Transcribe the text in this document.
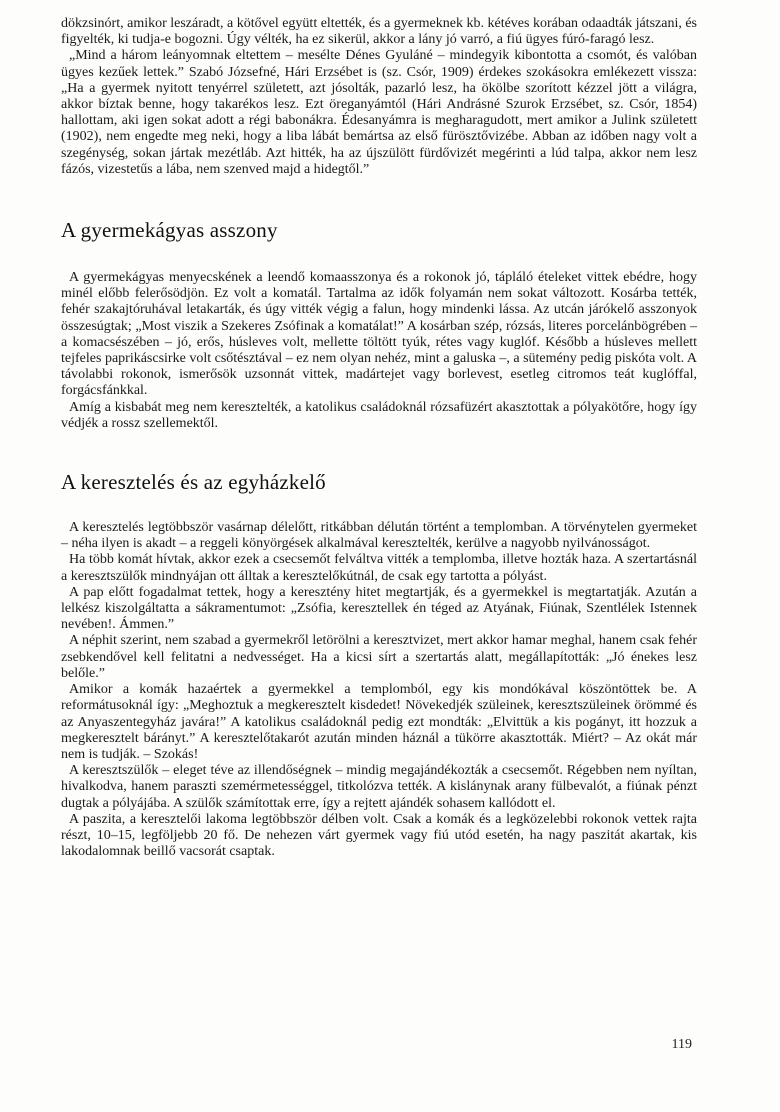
dökzsinórt, amikor leszáradt, a kötővel együtt eltették, és a gyermeknek kb. kétéves korában odaadták játszani, és figyelték, ki tudja-e bogozni. Úgy vélték, ha ez sikerül, akkor a lány jó varró, a fiú ügyes fúró-faragó lesz.

„Mind a három leányomnak eltettem – mesélte Dénes Gyuláné – mindegyik kibontotta a csomót, és valóban ügyes kezűek lettek.” Szabó Józsefné, Hári Erzsébet is (sz. Csór, 1909) érdekes szokásokra emlékezett vissza: „Ha a gyermek nyitott tenyérrel született, azt jósolták, pazarló lesz, ha ökölbe szorított kézzel jött a világra, akkor bíztak benne, hogy takarékos lesz. Ezt öreganyámtól (Hári Andrásné Szurok Erzsébet, sz. Csór, 1854) hallottam, aki igen sokat adott a régi babonákra. Édesanyámra is megharagudott, mert amikor a Julink született (1902), nem engedte meg neki, hogy a liba lábát bemártsa az első fürösztővizébe. Abban az időben nagy volt a szegénység, sokan jártak mezétláb. Azt hitték, ha az újszülött fürdővizét megérinti a lúd talpa, akkor nem lesz fázós, vizestetűs a lába, nem szenved majd a hidegtől.”

A gyermekágyas asszony

A gyermekágyas menyecskének a leendő komaasszonya és a rokonok jó, tápláló ételeket vittek ebédre, hogy minél előbb felerősödjön. Ez volt a komatál. Tartalma az idők folyamán nem sokat változott. Kosárba tették, fehér szakajtóruhával letakarták, és úgy vitték végig a falun, hogy mindenki lássa. Az utcán járókelő asszonyok összesúgtak; „Most viszik a Szekeres Zsófinak a komatálat!” A kosárban szép, rózsás, literes porcelánbögrében – a komacsészében – jó, erős, húsleves volt, mellette töltött tyúk, rétes vagy kuglóf. Később a húsleves mellett tejfeles paprikáscsirke volt csőtésztával – ez nem olyan nehéz, mint a galuska –, a sütemény pedig piskóta volt. A távolabbi rokonok, ismerősök uzsonnát vittek, madártejet vagy borlevest, esetleg citromos teát kuglóffal, forgácsfánkkal.

Amíg a kisbabát meg nem keresztelték, a katolikus családoknál rózsafüzért akasztottak a pólyakötőre, hogy így védjék a rossz szellemektől.

A keresztelés és az egyházkelő

A keresztelés legtöbbször vasárnap délelőtt, ritkábban délután történt a templomban. A törvénytelen gyermeket – néha ilyen is akadt – a reggeli könyörgések alkalmával keresztelték, kerülve a nagyobb nyilvánosságot.

Ha több komát hívtak, akkor ezek a csecsemőt felváltva vitték a templomba, illetve hozták haza. A szertartásnál a keresztszülők mindnyájan ott álltak a keresztelőkútnál, de csak egy tartotta a pólyást.

A pap előtt fogadalmat tettek, hogy a keresztény hitet megtartják, és a gyermekkel is megtartatják. Azután a lelkész kiszolgáltatta a sákramentumot: „Zsófia, keresztellek én téged az Atyának, Fiúnak, Szentlélek Istennek nevében!. Ámmen.”

A néphit szerint, nem szabad a gyermekről letörölni a keresztvizet, mert akkor hamar meghal, hanem csak fehér zsebkendővel kell felitatni a nedvességet. Ha a kicsi sírt a szertartás alatt, megállapították: „Jó énekes lesz belőle.”

Amikor a komák hazaértek a gyermekkel a templomból, egy kis mondókával köszöntöttek be. A reformátusoknál így: „Meghoztuk a megkeresztelt kisdedet! Növekedjék szüleinek, keresztszüleinek örömmé és az Anyaszentegyház javára!” A katolikus családoknál pedig ezt mondták: „Elvittük a kis pogányt, itt hozzuk a megkeresztelt bárányt.” A keresztelőtakarót azután minden háznál a tükörre akasztották. Miért? – Az okát már nem is tudják. – Szokás!

A keresztszülők – eleget téve az illendőségnek – mindig megajándékozták a csecsemőt. Régebben nem nyíltan, hivalkodva, hanem paraszti szemérmetességgel, titkolózva tették. A kislánynak arany fülbevalót, a fiúnak pénzt dugtak a pólyájába. A szülők számítottak erre, így a rejtett ajándék sohasem kallódott el.

A paszita, a keresztelői lakoma legtöbbször délben volt. Csak a komák és a legközelebbi rokonok vettek rajta részt, 10–15, legföljebb 20 fő. De nehezen várt gyermek vagy fiú utód esetén, ha nagy paszitát akartak, kis lakodalomnak beillő vacsorát csaptak.

119
